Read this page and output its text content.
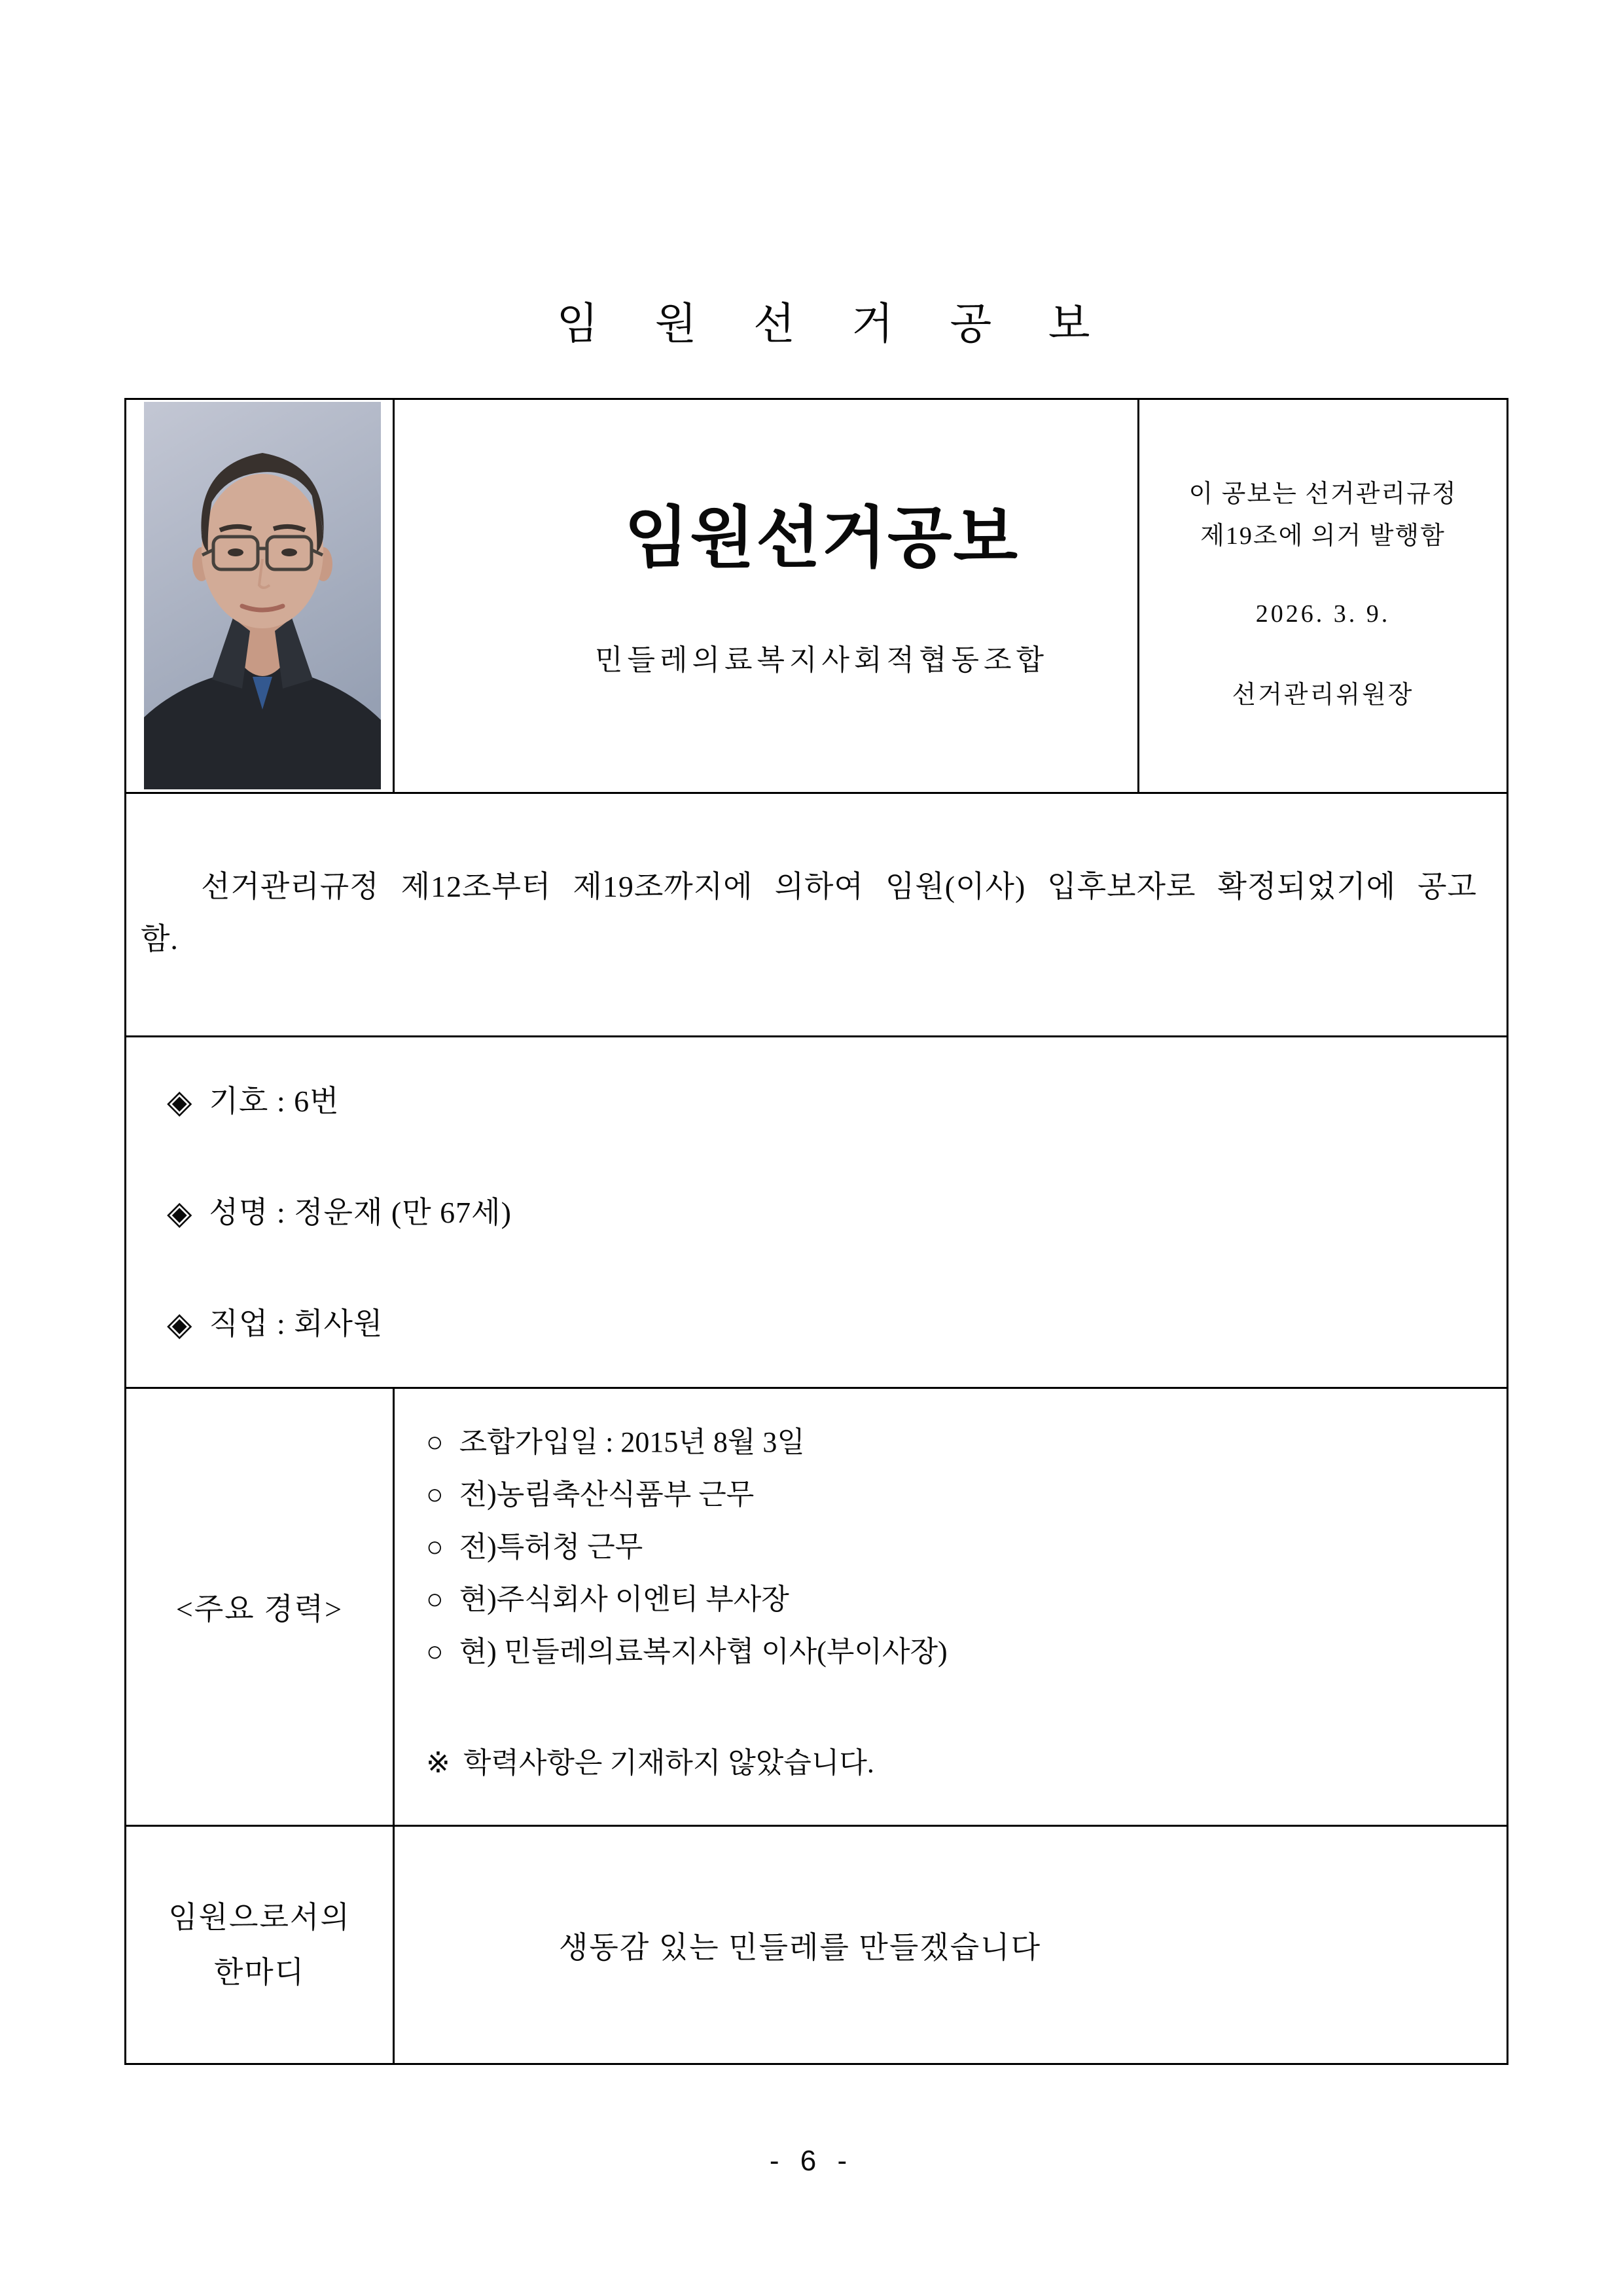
임 원 선 거 공 보
임원선거공보
민들레의료복지사회적협동조합
이 공보는 선거관리규정
제19조에 의거 발행함
2026. 3. 9.
선거관리위원장
선거관리규정 제12조부터 제19조까지에 의하여 임원(이사) 입후보자로 확정되었기에 공고함.
◈ 기호 : 6번
◈ 성명 : 정운재 (만 67세)
◈ 직업 : 회사원
<주요 경력>
○ 조합가입일 : 2015년 8월 3일
○ 전)농림축산식품부 근무
○ 전)특허청 근무
○ 현)주식회사 이엔티 부사장
○ 현) 민들레의료복지사협 이사(부이사장)
※ 학력사항은 기재하지 않았습니다.
임원으로서의
한마디
생동감 있는 민들레를 만들겠습니다
- 6 -
